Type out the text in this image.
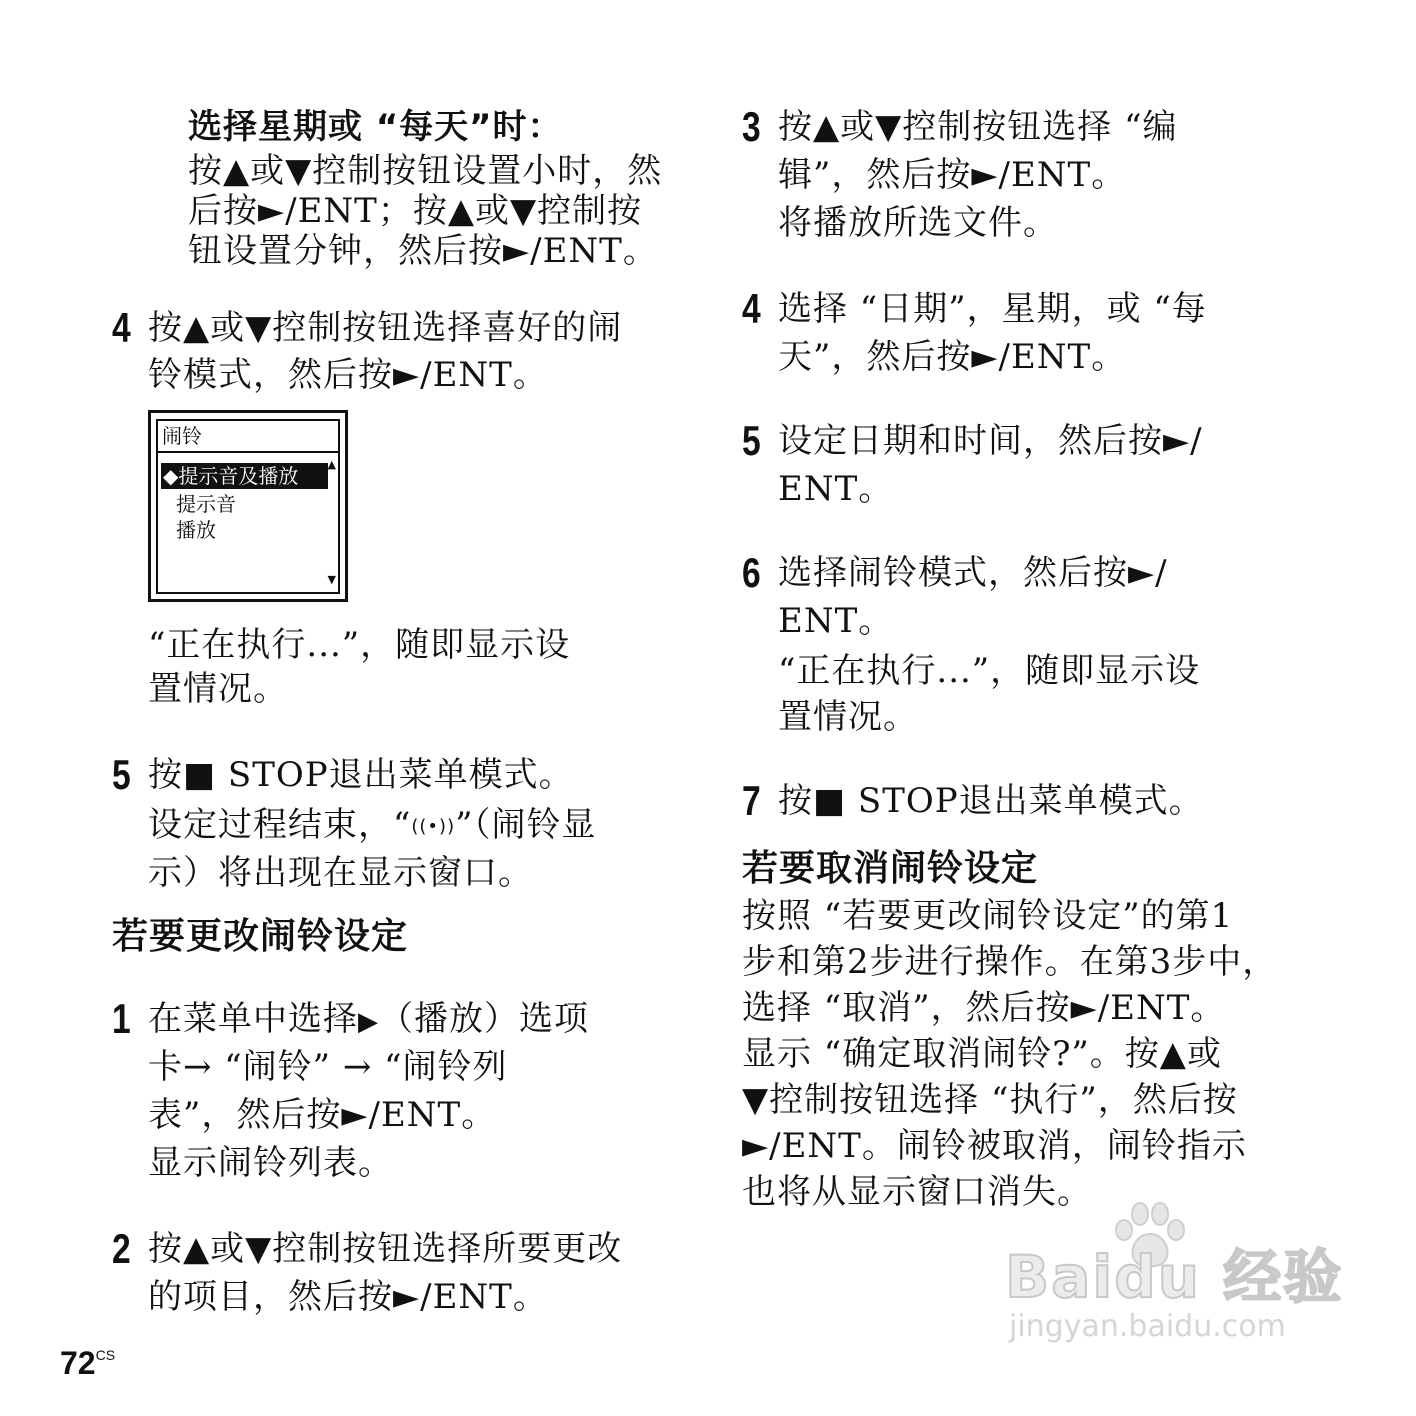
选择星期或 “每天”时：
按▲或▼控制按钮设置小时，然
后按►/ENT；按▲或▼控制按
钮设置分钟，然后按►/ENT。
4 按▲或▼控制按钮选择喜好的闹
铃模式，然后按►/ENT。
闹铃
◆提示音及播放
提示音
播放
▲
▼
“正在执行...”，随即显示设
置情况。
5 按■ STOP退出菜单模式。
设定过程结束，“((•))”（闹铃显
示）将出现在显示窗口。
若要更改闹铃设定
1 在菜单中选择▶（播放）选项
卡→ “闹铃” → “闹铃列
表”，然后按►/ENT。
显示闹铃列表。
2 按▲或▼控制按钮选择所要更改
的项目，然后按►/ENT。
3 按▲或▼控制按钮选择 “编
辑”，然后按►/ENT。
将播放所选文件。
4 选择 “日期”，星期，或 “每
天”，然后按►/ENT。
5 设定日期和时间，然后按►/
ENT。
6 选择闹铃模式，然后按►/
ENT。
“正在执行...”，随即显示设
置情况。
7 按■ STOP退出菜单模式。
若要取消闹铃设定
按照 “若要更改闹铃设定”的第1
步和第2步进行操作。在第3步中，
选择 “取消”，然后按►/ENT。
显示 “确定取消闹铃?”。按▲或
▼控制按钮选择 “执行”，然后按
►/ENT。闹铃被取消，闹铃指示
也将从显示窗口消失。
$72^{CS}$
Baidu 经验
jingyan.baidu.com
